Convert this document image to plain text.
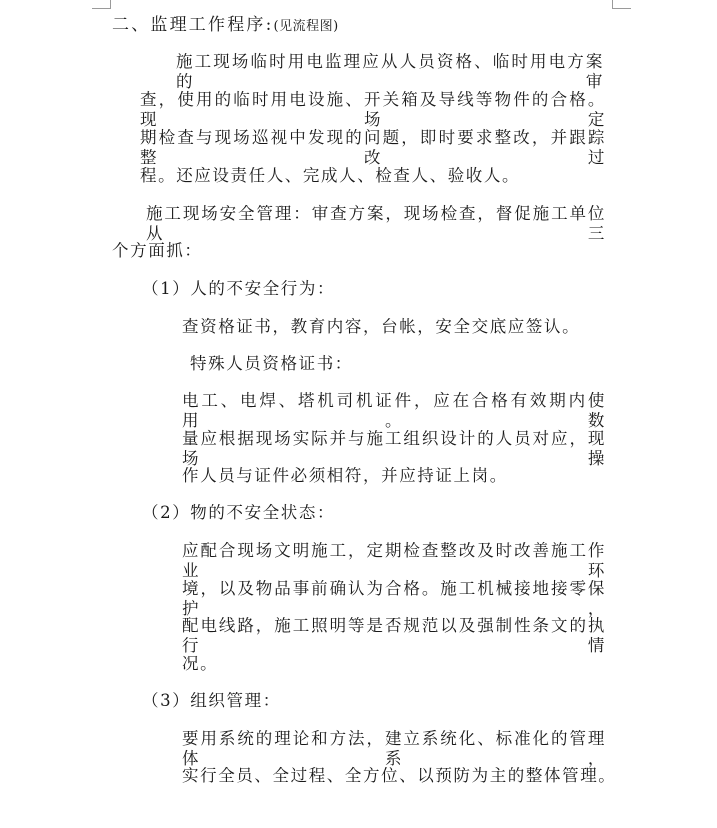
二、监理工作程序:(见流程图)
施工现场临时用电监理应从人员资格、临时用电方案的审
查，使用的临时用电设施、开关箱及导线等物件的合格。现场定
期检查与现场巡视中发现的问题，即时要求整改，并跟踪整改过
程。还应设责任人、完成人、检查人、验收人。
施工现场安全管理：审查方案，现场检查，督促施工单位从三
个方面抓：
（1）人的不安全行为：
查资格证书，教育内容，台帐，安全交底应签认。
特殊人员资格证书：
电工、电焊、塔机司机证件，应在合格有效期内使用。数
量应根据现场实际并与施工组织设计的人员对应，现场操
作人员与证件必须相符，并应持证上岗。
（2）物的不安全状态：
应配合现场文明施工，定期检查整改及时改善施工作业环
境，以及物品事前确认为合格。施工机械接地接零保护，
配电线路，施工照明等是否规范以及强制性条文的执行情
况。
（3）组织管理：
要用系统的理论和方法，建立系统化、标准化的管理体系，
实行全员、全过程、全方位、以预防为主的整体管理。
